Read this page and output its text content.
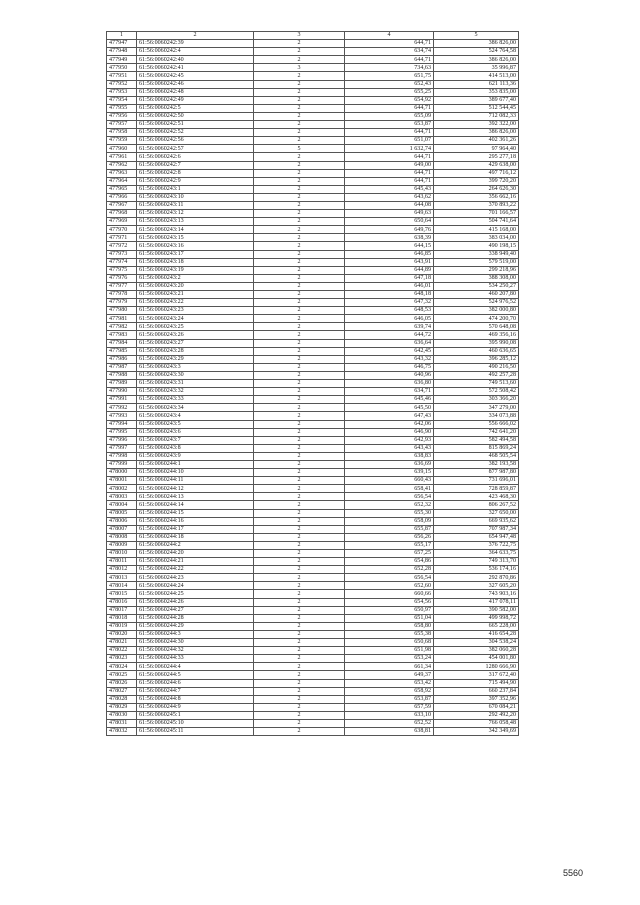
1	2	3	4	5
477947	61:56:0060242:39	2	644,71	386 826,00
477948	61:56:0060242:4	2	634,74	524 764,58
477949	61:56:0060242:40	2	644,71	386 826,00
477950	61:56:0060242:41	3	734,63	35 996,87
477951	61:56:0060242:45	2	651,75	414 513,00
477952	61:56:0060242:46	2	652,43	621 113,36
477953	61:56:0060242:48	2	655,25	353 835,00
477954	61:56:0060242:49	2	654,92	389 677,40
477955	61:56:0060242:5	2	644,71	512 544,45
477956	61:56:0060242:50	2	655,09	712 082,33
477957	61:56:0060242:51	2	653,87	392 322,00
477958	61:56:0060242:52	2	644,71	386 826,00
477959	61:56:0060242:56	2	651,07	402 361,26
477960	61:56:0060242:57	5	1 632,74	97 964,40
477961	61:56:0060242:6	2	644,71	295 277,18
477962	61:56:0060242:7	2	649,00	429 638,00
477963	61:56:0060242:8	2	644,71	497 716,12
477964	61:56:0060242:9	2	644,71	399 720,20
477965	61:56:0060243:1	2	645,43	264 626,30
477966	61:56:0060243:10	2	643,62	356 662,16
477967	61:56:0060243:11	2	644,08	370 893,22
477968	61:56:0060243:12	2	649,63	701 166,57
477969	61:56:0060243:13	2	650,64	504 741,64
477970	61:56:0060243:14	2	649,76	415 168,00
477971	61:56:0060243:15	2	638,39	383 034,00
477972	61:56:0060243:16	2	644,15	490 198,15
477973	61:56:0060243:17	2	646,85	338 949,40
477974	61:56:0060243:18	2	643,91	579 519,00
477975	61:56:0060243:19	2	644,89	299 218,96
477976	61:56:0060243:2	2	647,18	388 308,00
477977	61:56:0060243:20	2	646,01	534 250,27
477978	61:56:0060243:21	2	648,18	460 207,80
477979	61:56:0060243:22	2	647,32	524 976,52
477980	61:56:0060243:23	2	648,53	382 000,80
477981	61:56:0060243:24	2	646,05	474 200,70
477982	61:56:0060243:25	2	639,74	570 648,08
477983	61:56:0060243:26	2	644,72	469 356,16
477984	61:56:0060243:27	2	636,64	395 990,08
477985	61:56:0060243:28	2	642,45	460 636,65
477986	61:56:0060243:29	2	643,32	396 285,12
477987	61:56:0060243:3	2	646,75	490 216,50
477988	61:56:0060243:30	2	640,96	492 257,28
477989	61:56:0060243:31	2	636,80	749 513,60
477990	61:56:0060243:32	2	634,71	572 508,42
477991	61:56:0060243:33	2	645,46	303 366,20
477992	61:56:0060243:34	2	645,50	347 279,00
477993	61:56:0060243:4	2	647,43	334 073,88
477994	61:56:0060243:5	2	642,06	556 666,02
477995	61:56:0060243:6	2	646,90	742 641,20
477996	61:56:0060243:7	2	642,93	582 494,58
477997	61:56:0060243:8	2	643,43	815 869,24
477998	61:56:0060243:9	2	638,83	468 505,54
477999	61:56:0060244:1	2	636,69	382 193,58
478000	61:56:0060244:10	2	639,15	877 987,80
478001	61:56:0060244:11	2	660,43	731 696,01
478002	61:56:0060244:12	2	658,41	728 859,87
478003	61:56:0060244:13	2	656,54	423 468,30
478004	61:56:0060244:14	2	652,32	806 267,52
478005	61:56:0060244:15	2	655,30	327 650,00
478006	61:56:0060244:16	2	658,09	669 935,62
478007	61:56:0060244:17	2	655,87	707 987,34
478008	61:56:0060244:18	2	656,26	654 947,48
478009	61:56:0060244:2	2	655,17	376 722,75
478010	61:56:0060244:20	2	657,25	364 633,75
478011	61:56:0060244:21	2	654,86	749 313,70
478012	61:56:0060244:22	2	652,28	536 174,16
478013	61:56:0060244:23	2	656,54	292 870,86
478014	61:56:0060244:24	2	652,60	327 605,20
478015	61:56:0060244:25	2	660,66	743 903,16
478016	61:56:0060244:26	2	654,56	417 078,11
478017	61:56:0060244:27	2	650,97	390 582,00
478018	61:56:0060244:28	2	651,04	499 998,72
478019	61:56:0060244:29	2	658,80	665 228,00
478020	61:56:0060244:3	2	655,38	416 654,28
478021	61:56:0060244:30	2	650,68	304 538,24
478022	61:56:0060244:32	2	651,98	382 060,28
478023	61:56:0060244:33	2	653,24	454 001,80
478024	61:56:0060244:4	2	661,34	1280 666,90
478025	61:56:0060244:5	2	649,37	317 672,40
478026	61:56:0060244:6	2	653,42	715 494,90
478027	61:56:0060244:7	2	658,92	660 237,84
478028	61:56:0060244:8	2	653,87	397 352,96
478029	61:56:0060244:9	2	657,59	670 084,21
478030	61:56:0060245:1	2	633,10	292 492,20
478031	61:56:0060245:10	2	652,52	766 058,48
478032	61:56:0060245:11	2	638,81	342 349,69
5560
